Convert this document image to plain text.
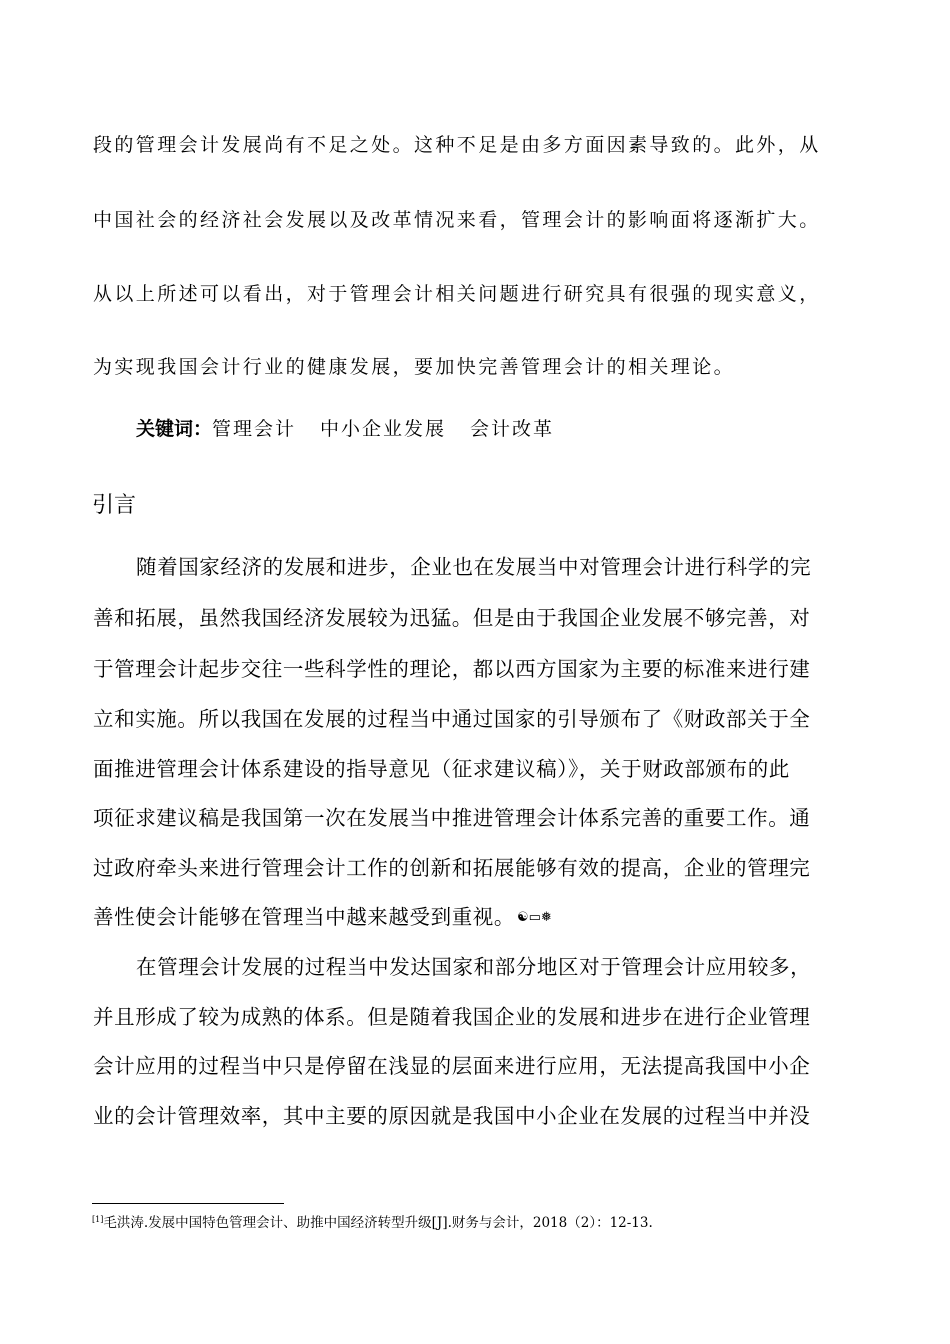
段的管理会计发展尚有不足之处。这种不足是由多方面因素导致的。此外，从
中国社会的经济社会发展以及改革情况来看，管理会计的影响面将逐渐扩大。
从以上所述可以看出，对于管理会计相关问题进行研究具有很强的现实意义，
为实现我国会计行业的健康发展，要加快完善管理会计的相关理论。
关键词：管理会计 中小企业发展 会计改革
引言
随着国家经济的发展和进步，企业也在发展当中对管理会计进行科学的完
善和拓展，虽然我国经济发展较为迅猛。但是由于我国企业发展不够完善，对
于管理会计起步交往一些科学性的理论，都以西方国家为主要的标准来进行建
立和实施。所以我国在发展的过程当中通过国家的引导颁布了《财政部关于全
面推进管理会计体系建设的指导意见（征求建议稿）》，关于财政部颁布的此
项征求建议稿是我国第一次在发展当中推进管理会计体系完善的重要工作。通
过政府牵头来进行管理会计工作的创新和拓展能够有效的提高，企业的管理完
善性使会计能够在管理当中越来越受到重视。 ☯▭❅
在管理会计发展的过程当中发达国家和部分地区对于管理会计应用较多，
并且形成了较为成熟的体系。但是随着我国企业的发展和进步在进行企业管理
会计应用的过程当中只是停留在浅显的层面来进行应用，无法提高我国中小企
业的会计管理效率，其中主要的原因就是我国中小企业在发展的过程当中并没
[1]毛洪涛.发展中国特色管理会计、助推中国经济转型升级[J].财务与会计，2018（2）：12-13.
